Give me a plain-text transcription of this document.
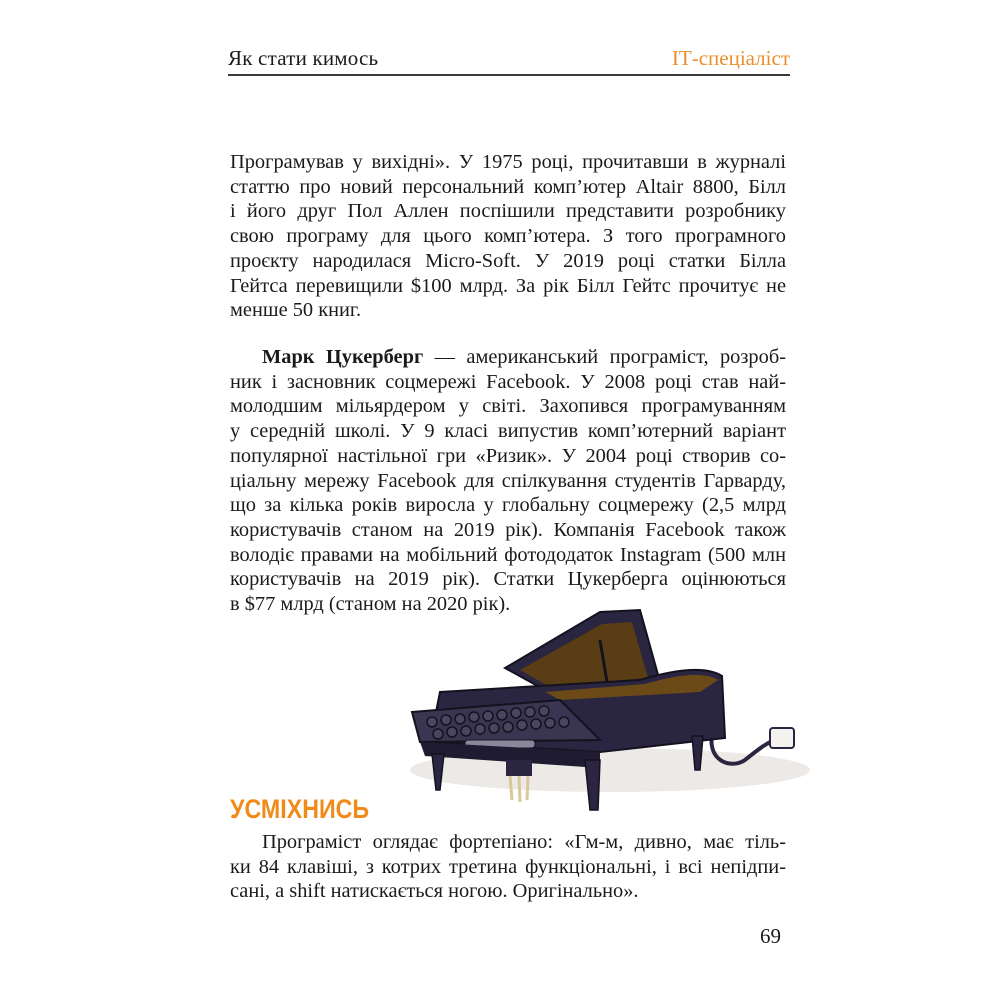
Як стати кимось	ІТ-спеціаліст

Програмував у вихідні». У 1975 році, прочитавши в журналі
статтю про новий персональний комп’ютер Altair 8800, Білл
і його друг Пол Аллен поспішили представити розробнику
свою програму для цього комп’ютера. З того програмного
проєкту народилася Micro-Soft. У 2019 році статки Білла
Гейтса перевищили $100 млрд. За рік Білл Гейтс прочитує не
менше 50 книг.

Марк Цукерберг — американський програміст, розроб-
ник і засновник соцмережі Facebook. У 2008 році став най-
молодшим мільярдером у світі. Захопився програмуванням
у середній школі. У 9 класі випустив комп’ютерний варіант
популярної настільної гри «Ризик». У 2004 році створив со-
ціальну мережу Facebook для спілкування студентів Гарварду,
що за кілька років виросла у глобальну соцмережу (2,5 млрд
користувачів станом на 2019 рік). Компанія Facebook також
володіє правами на мобільний фотододаток Instagram (500 млн
користувачів на 2019 рік). Статки Цукерберга оцінюються
в $77 млрд (станом на 2020 рік).

УСМІХНИСЬ

Програміст оглядає фортепіано: «Гм-м, дивно, має тіль-
ки 84 клавіші, з котрих третина функціональні, і всі непідпи-
сані, а shift натискається ногою. Оригінально».

69
